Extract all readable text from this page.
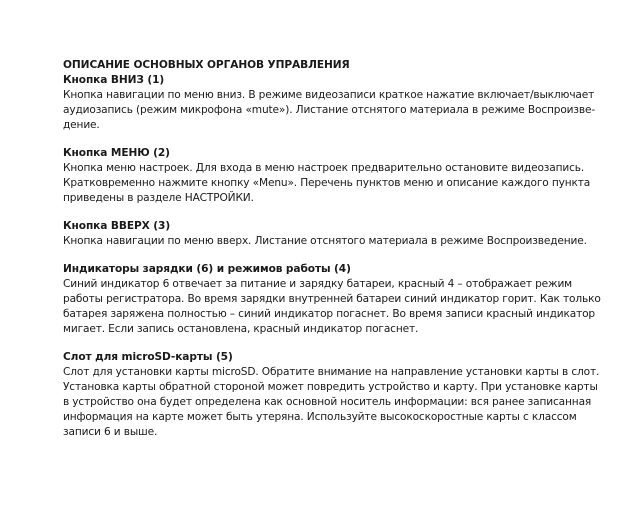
ОПИСАНИЕ ОСНОВНЫХ ОРГАНОВ УПРАВЛЕНИЯ
Кнопка ВНИЗ (1)

Кнопка навигации по меню вниз. В режиме видеозаписи краткое нажатие включает/выключает
аудиозапись (режим микрофона «mute»). Листание отснятого материала в режиме Воспроизве-
дение.

Кнопка МЕНЮ (2)

Кнопка меню настроек. Для входа в меню настроек предварительно остановите видеозапись.
Кратковременно нажмите кнопку «Menu». Перечень пунктов меню и описание каждого пункта
приведены в разделе НАСТРОЙКИ.

Кнопка ВВЕРХ (3)

Кнопка навигации по меню вверх. Листание отснятого материала в режиме Воспроизведение.

Индикаторы зарядки (6) и режимов работы (4)

Синий индикатор 6 отвечает за питание и зарядку батареи, красный 4 – отображает режим
работы регистратора. Во время зарядки внутренней батареи синий индикатор горит. Как только
батарея заряжена полностью – синий индикатор погаснет. Во время записи красный индикатор
мигает. Если запись остановлена, красный индикатор погаснет.

Слот для microSD-карты (5)

Слот для установки карты microSD. Обратите внимание на направление установки карты в слот.
Установка карты обратной стороной может повредить устройство и карту. При установке карты
в устройство она будет определена как основной носитель информации: вся ранее записанная
информация на карте может быть утеряна. Используйте высокоскоростные карты с классом
записи 6 и выше.
